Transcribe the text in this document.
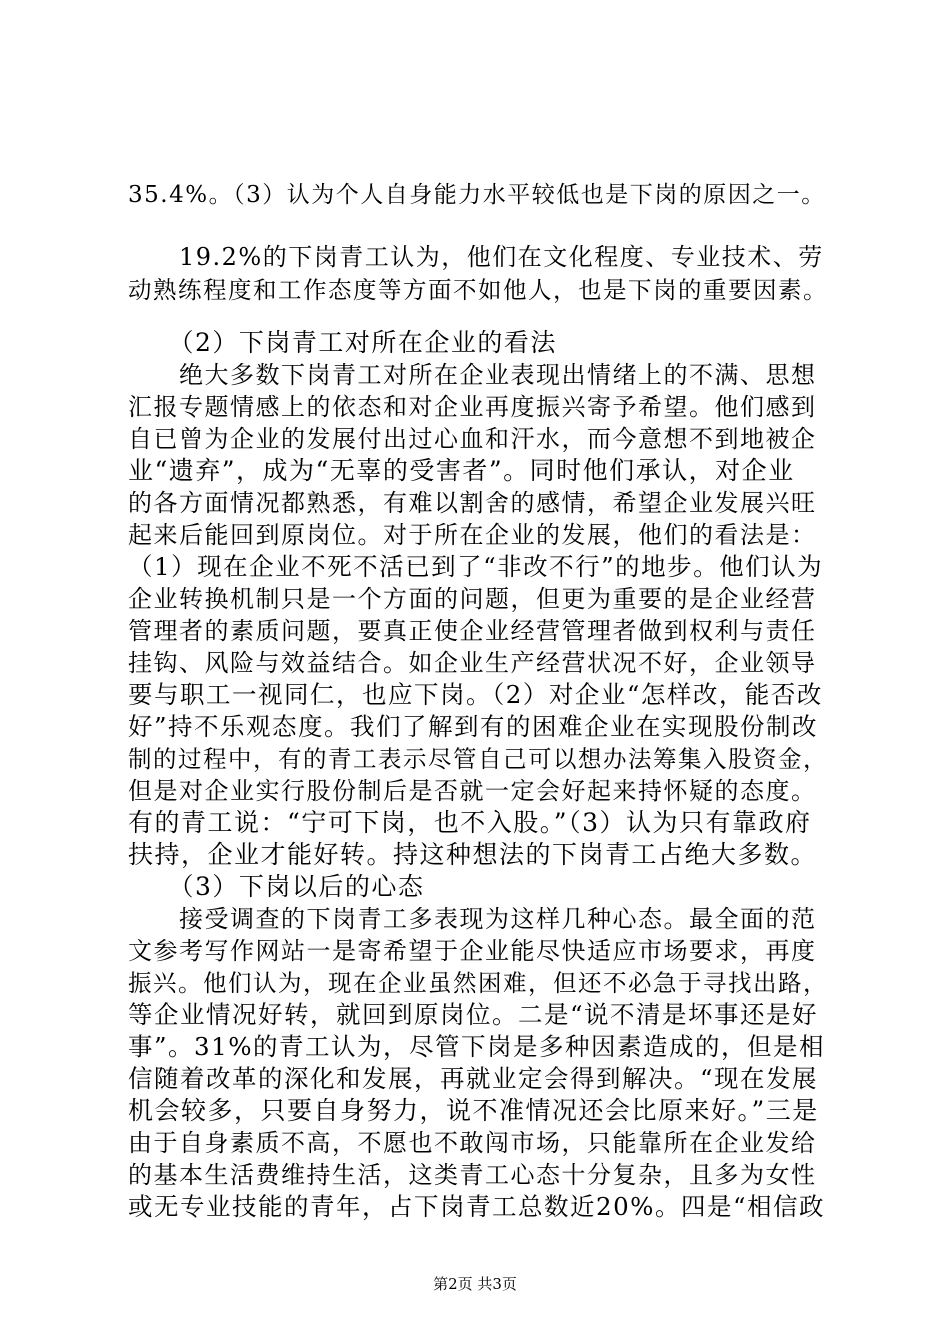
35.4%。（3）认为个人自身能力水平较低也是下岗的原因之一。
　　19.2%的下岗青工认为，他们在文化程度、专业技术、劳
动熟练程度和工作态度等方面不如他人，也是下岗的重要因素。
　　（2）下岗青工对所在企业的看法
　　绝大多数下岗青工对所在企业表现出情绪上的不满、思想
汇报专题情感上的依态和对企业再度振兴寄予希望。他们感到
自已曾为企业的发展付出过心血和汗水，而今意想不到地被企
业“遗弃”，成为“无辜的受害者”。同时他们承认，对企业
的各方面情况都熟悉，有难以割舍的感情，希望企业发展兴旺
起来后能回到原岗位。对于所在企业的发展，他们的看法是：
（1）现在企业不死不活已到了“非改不行”的地步。他们认为
企业转换机制只是一个方面的问题，但更为重要的是企业经营
管理者的素质问题，要真正使企业经营管理者做到权利与责任
挂钩、风险与效益结合。如企业生产经营状况不好，企业领导
要与职工一视同仁，也应下岗。（2）对企业“怎样改，能否改
好”持不乐观态度。我们了解到有的困难企业在实现股份制改
制的过程中，有的青工表示尽管自己可以想办法筹集入股资金，
但是对企业实行股份制后是否就一定会好起来持怀疑的态度。
有的青工说：“宁可下岗，也不入股。”（3）认为只有靠政府
扶持，企业才能好转。持这种想法的下岗青工占绝大多数。
　　（3）下岗以后的心态
　　接受调查的下岗青工多表现为这样几种心态。最全面的范
文参考写作网站一是寄希望于企业能尽快适应市场要求，再度
振兴。他们认为，现在企业虽然困难，但还不必急于寻找出路，
等企业情况好转，就回到原岗位。二是“说不清是坏事还是好
事”。31%的青工认为，尽管下岗是多种因素造成的，但是相
信随着改革的深化和发展，再就业定会得到解决。“现在发展
机会较多，只要自身努力，说不准情况还会比原来好。”三是
由于自身素质不高，不愿也不敢闯市场，只能靠所在企业发给
的基本生活费维持生活，这类青工心态十分复杂，且多为女性
或无专业技能的青年，占下岗青工总数近20%。四是“相信政
第2页 共3页
